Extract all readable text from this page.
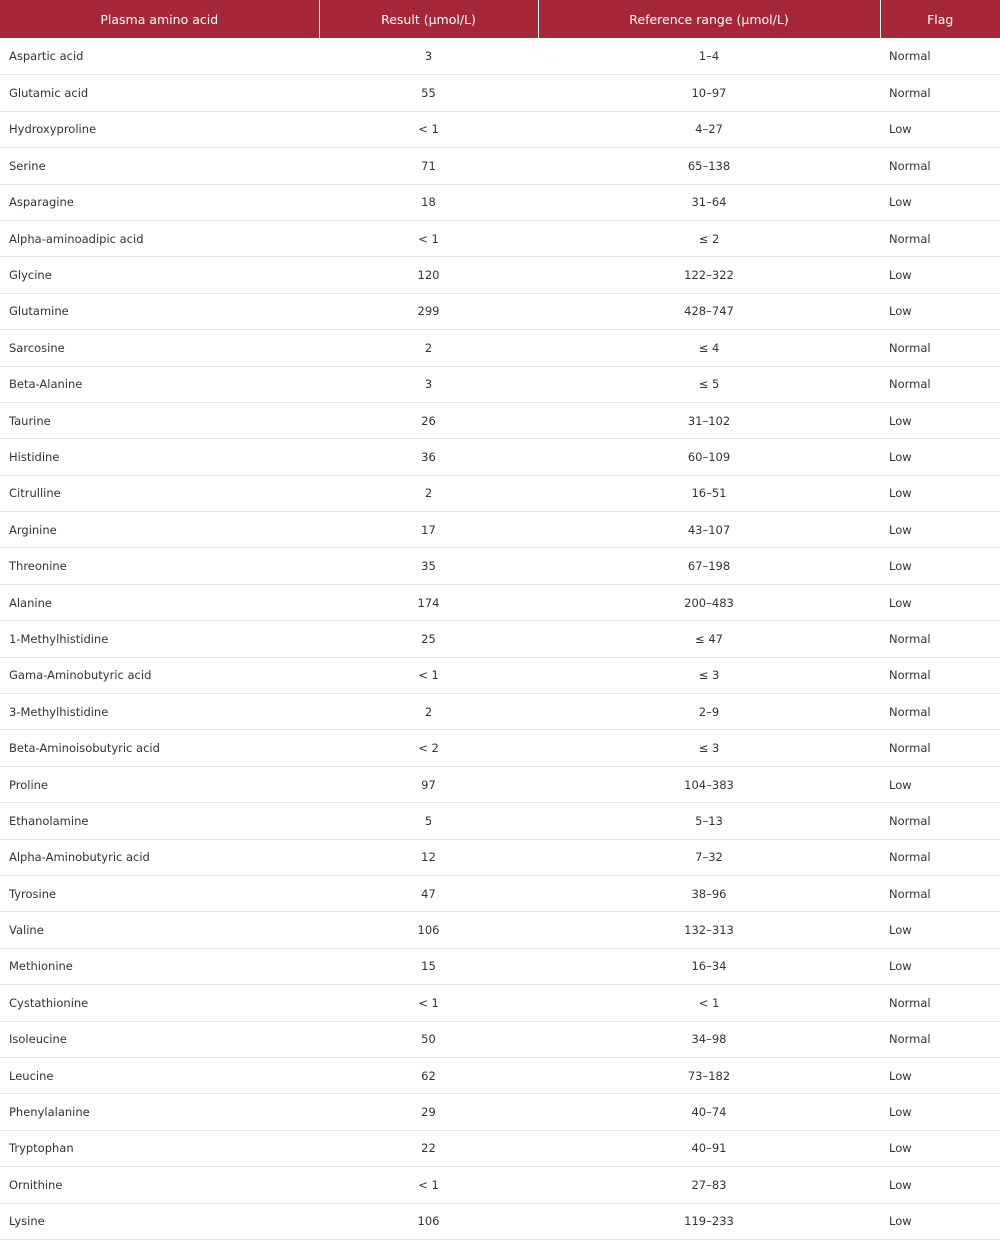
Plasma amino acid	Result (µmol/L)	Reference range (µmol/L)	Flag
Aspartic acid	3	1–4	Normal
Glutamic acid	55	10–97	Normal
Hydroxyproline	< 1	4–27	Low
Serine	71	65–138	Normal
Asparagine	18	31–64	Low
Alpha-aminoadipic acid	< 1	≤ 2	Normal
Glycine	120	122–322	Low
Glutamine	299	428–747	Low
Sarcosine	2	≤ 4	Normal
Beta-Alanine	3	≤ 5	Normal
Taurine	26	31–102	Low
Histidine	36	60–109	Low
Citrulline	2	16–51	Low
Arginine	17	43–107	Low
Threonine	35	67–198	Low
Alanine	174	200–483	Low
1-Methylhistidine	25	≤ 47	Normal
Gama-Aminobutyric acid	< 1	≤ 3	Normal
3-Methylhistidine	2	2–9	Normal
Beta-Aminoisobutyric acid	< 2	≤ 3	Normal
Proline	97	104–383	Low
Ethanolamine	5	5–13	Normal
Alpha-Aminobutyric acid	12	7–32	Normal
Tyrosine	47	38–96	Normal
Valine	106	132–313	Low
Methionine	15	16–34	Low
Cystathionine	< 1	< 1	Normal
Isoleucine	50	34–98	Normal
Leucine	62	73–182	Low
Phenylalanine	29	40–74	Low
Tryptophan	22	40–91	Low
Ornithine	< 1	27–83	Low
Lysine	106	119–233	Low
